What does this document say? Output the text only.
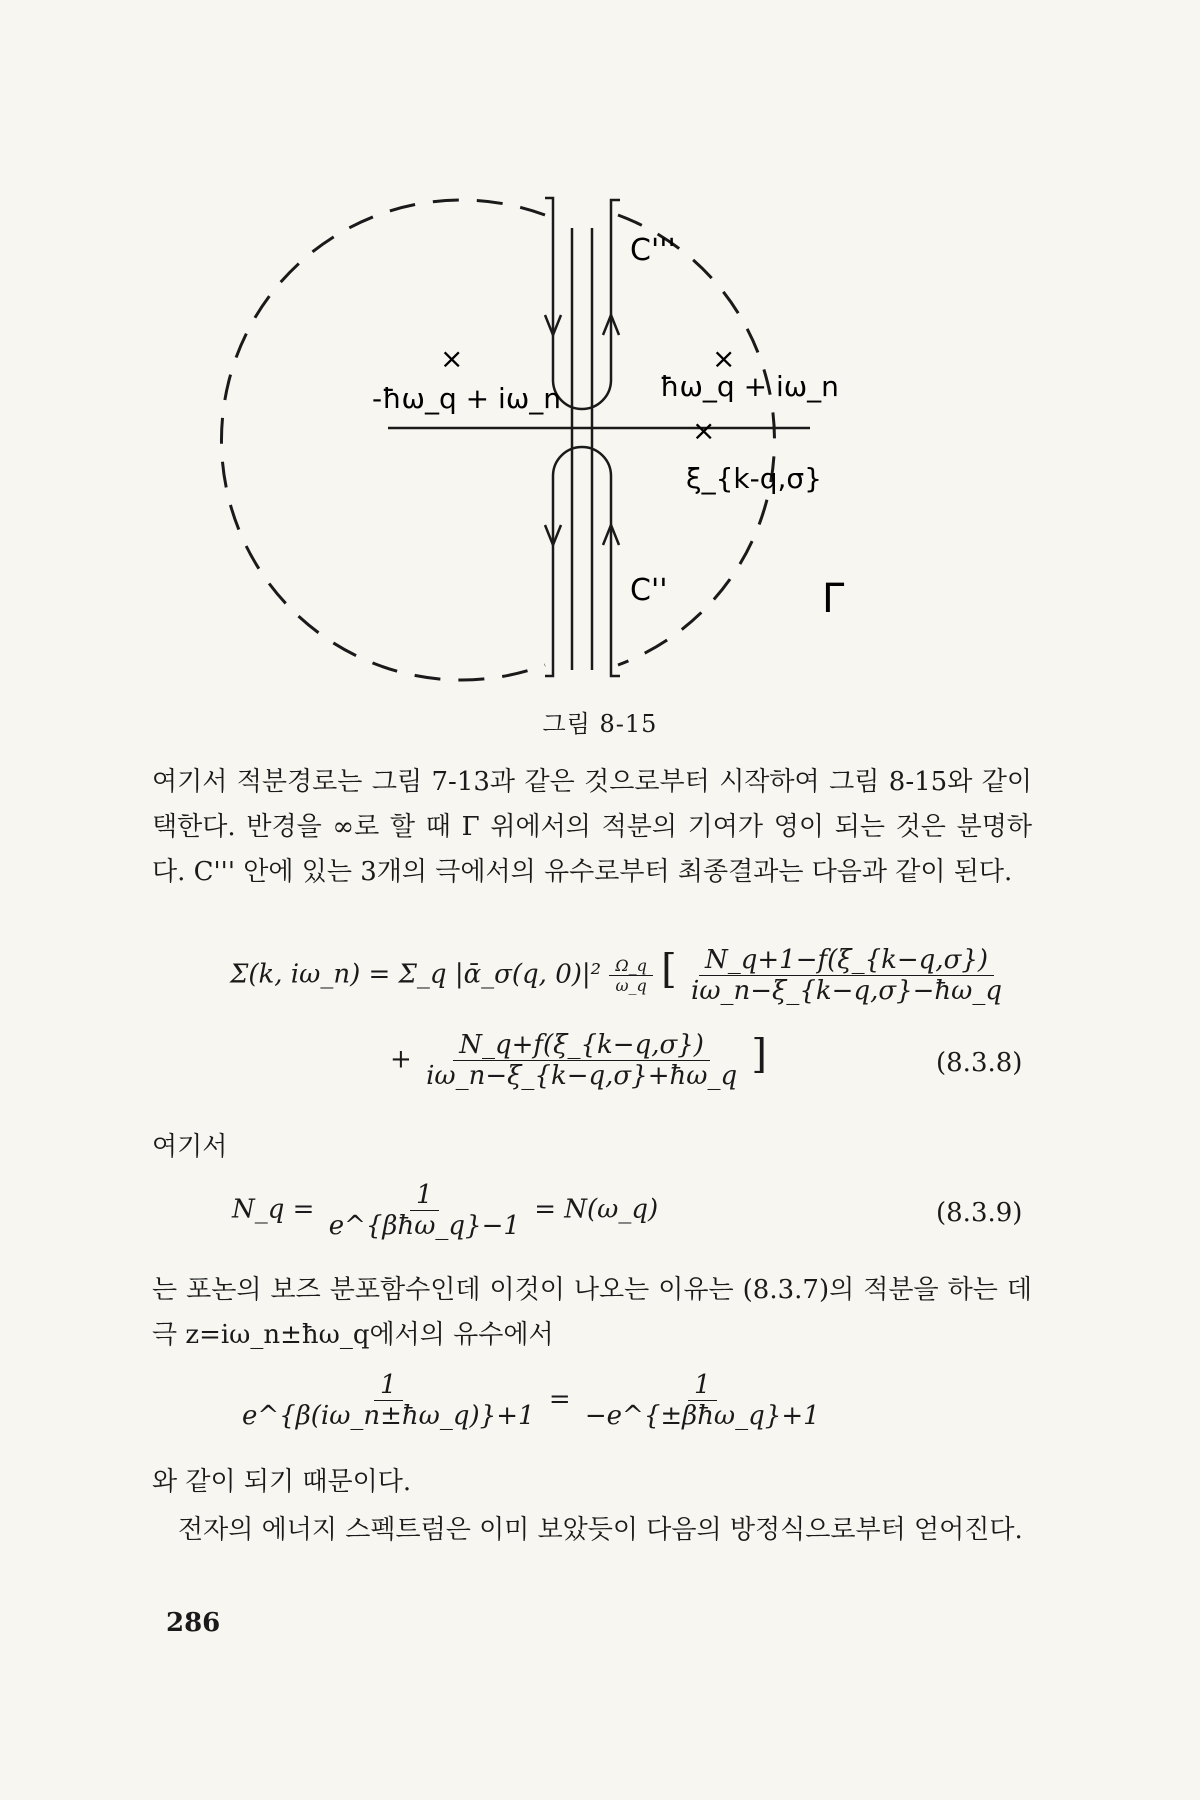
×	×
×
C'''
C''
-ħω_q + iω_n	ħω_q + iω_n
ξ_{k-q,σ}
Γ
그림 8-15

여기서 적분경로는 그림 7-13과 같은 것으로부터 시작하여 그림 8-15와 같이 택한다. 반경을 ∞로 할 때 Γ 위에서의 적분의 기여가 영이 되는 것은 분명하다. C''' 안에 있는 3개의 극에서의 유수로부터 최종결과는 다음과 같이 된다.

Σ(k, iω_n) = Σ_q |ᾱ_σ(q, $0)|^2 \frac{\Omega\_q}{\omega\_q}$ [ $\frac{N\_q+1-f(\xi\_\{k-q,\sigma\})}{i\omega\_n-\xi\_\{k-q,\sigma\}-ħ\omega\_q}$
+ $\frac{N\_q+f(\xi\_\{k-q,\sigma\})}{i\omega\_n-\xi\_\{k-q,\sigma\}+ħ\omega\_q}$ ]	(8.3.8)

여기서

N_q = $\frac{1}{\text{e\textasciicircum{}\{βħω\_q\}−1}}$ = N(ω_q)	(8.3.9)

는 포논의 보즈 분포함수인데 이것이 나오는 이유는 (8.3.7)의 적분을 하는 데 극 z=iω_n±ħω_q에서의 유수에서

$\frac{1}{e\^{}\{\beta(i\omega\_n\pm ħ\omega\_q)\}+1} = \frac{1}{\text{−e\textasciicircum{}\{±βħω\_q\}+1}}$

와 같이 되기 때문이다.

전자의 에너지 스펙트럼은 이미 보았듯이 다음의 방정식으로부터 얻어진다.

286
